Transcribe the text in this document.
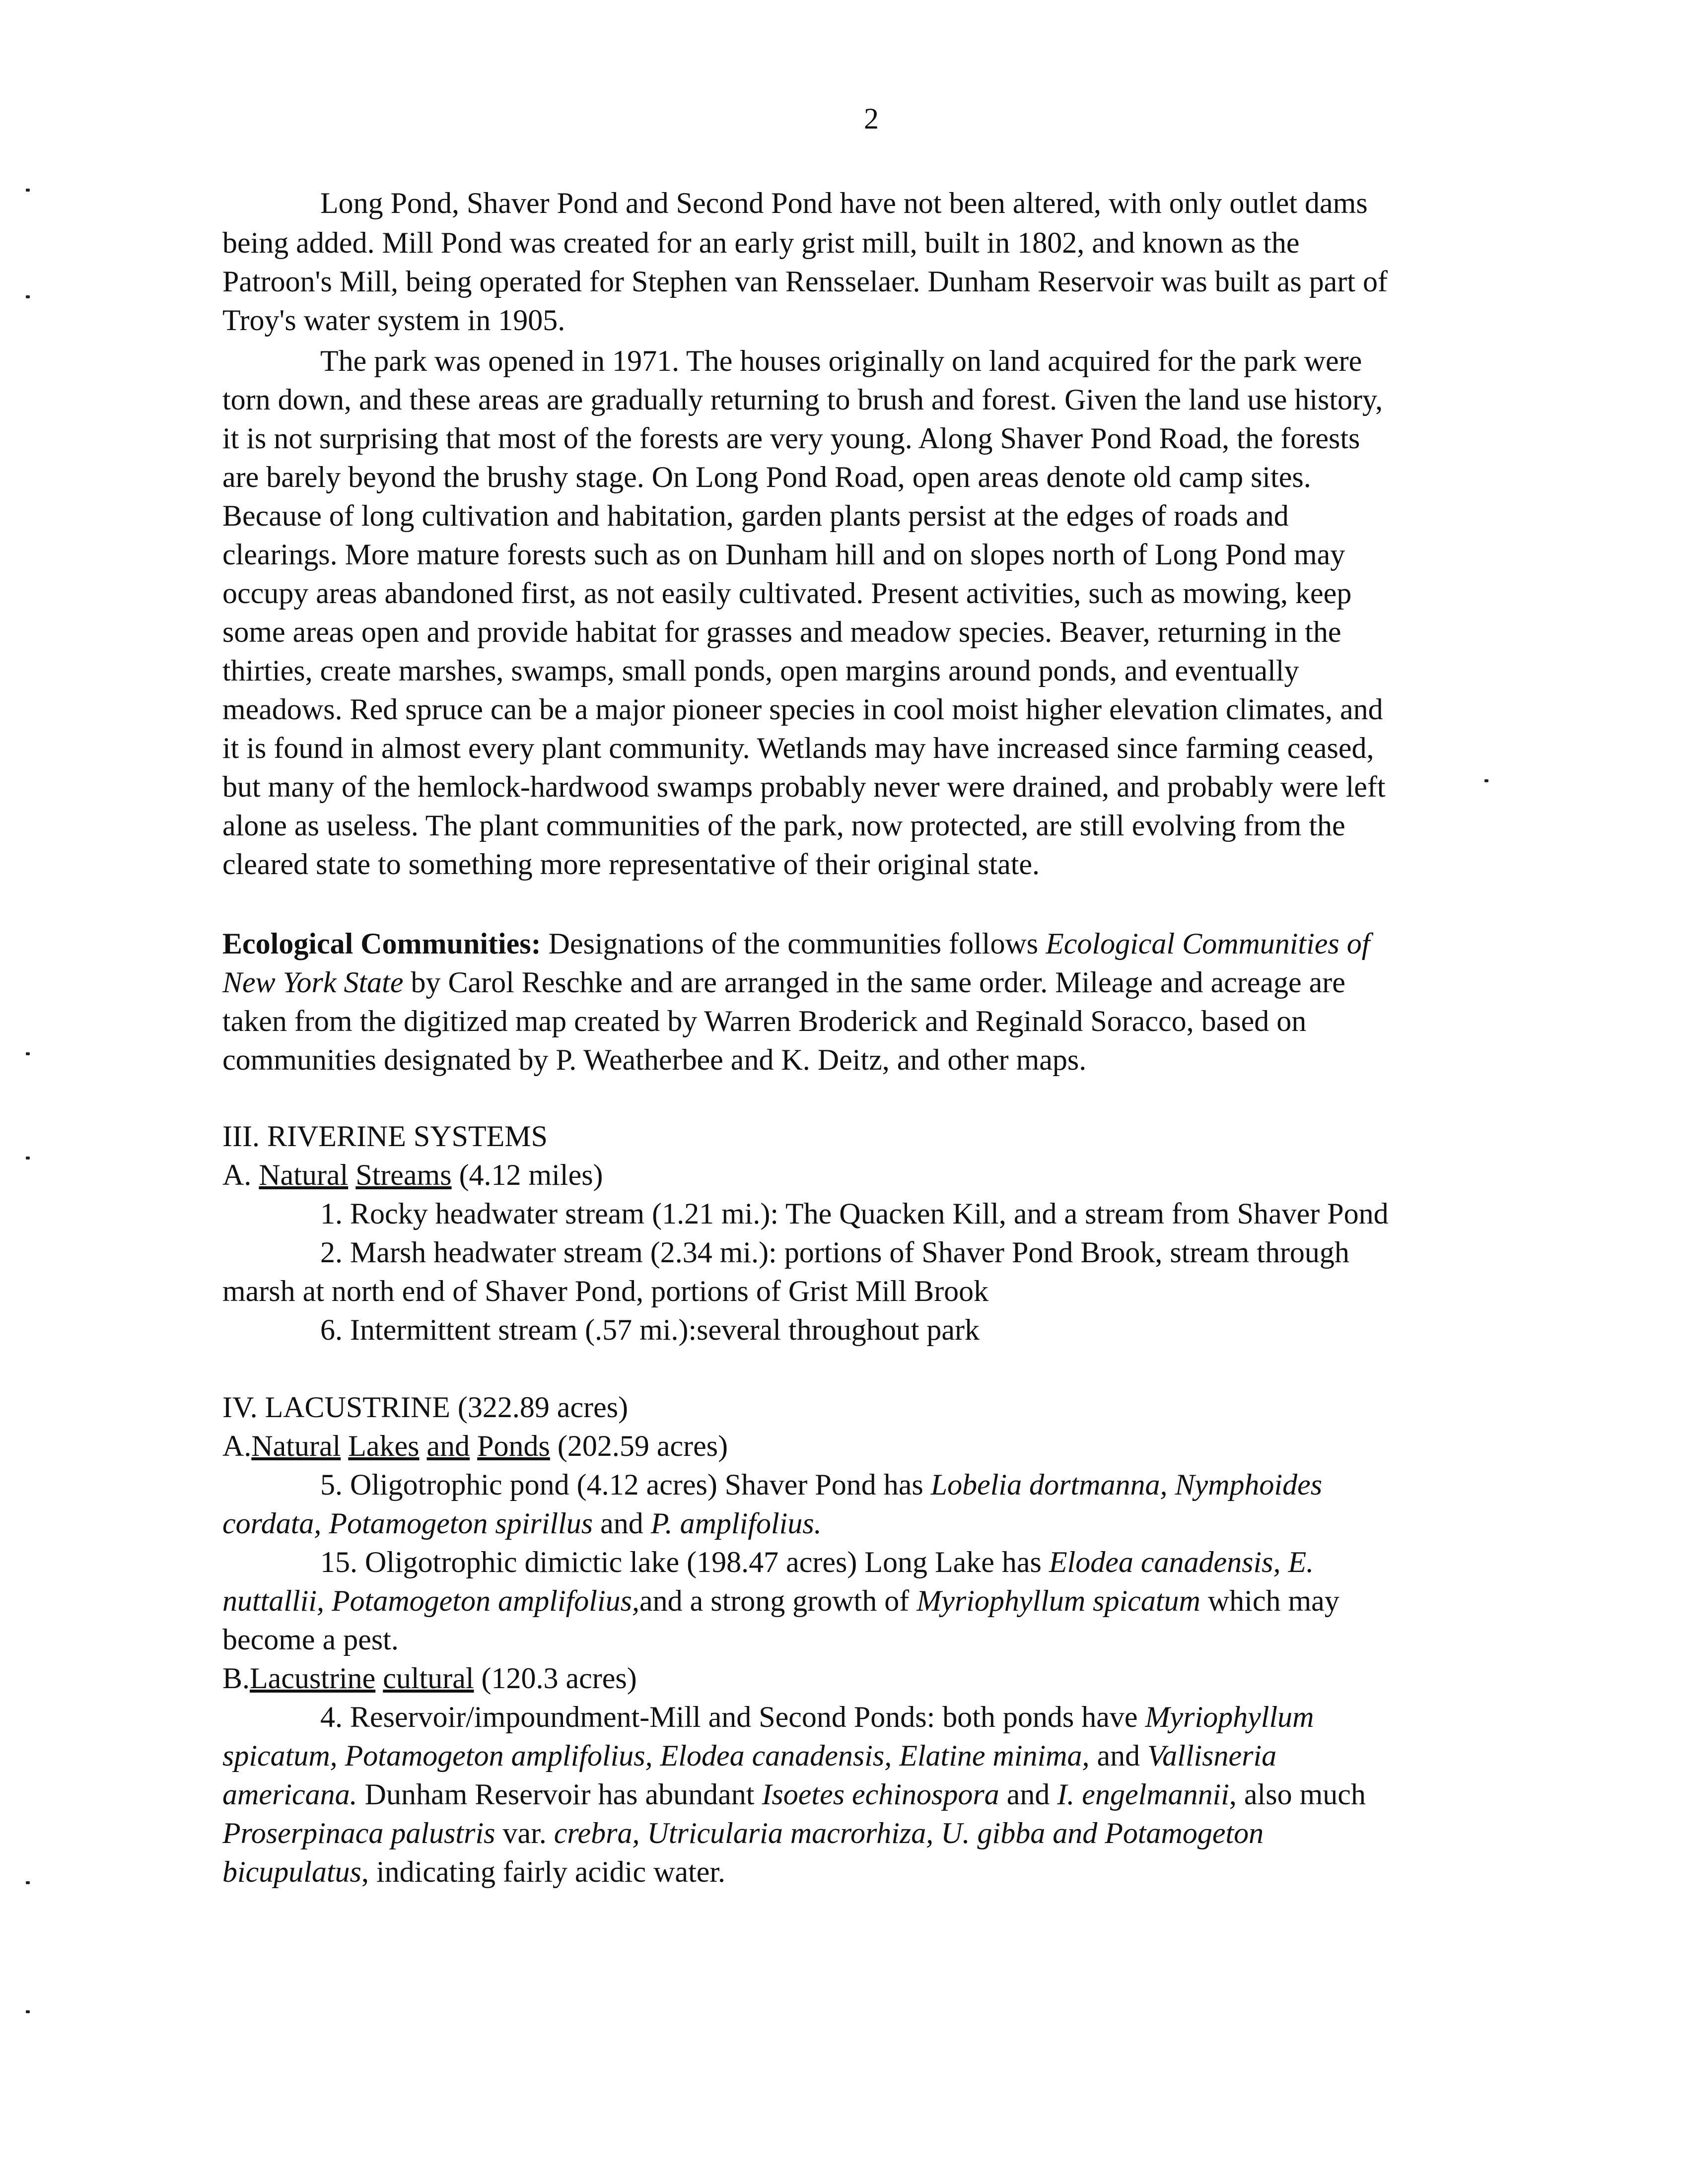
2
Long Pond, Shaver Pond and Second Pond have not been altered, with only outlet dams
being added. Mill Pond was created for an early grist mill, built in 1802, and known as the
Patroon's Mill, being operated for Stephen van Rensselaer. Dunham Reservoir was built as part of
Troy's water system in 1905.
The park was opened in 1971. The houses originally on land acquired for the park were
torn down, and these areas are gradually returning to brush and forest. Given the land use history,
it is not surprising that most of the forests are very young. Along Shaver Pond Road, the forests
are barely beyond the brushy stage. On Long Pond Road, open areas denote old camp sites.
Because of long cultivation and habitation, garden plants persist at the edges of roads and
clearings. More mature forests such as on Dunham hill and on slopes north of Long Pond may
occupy areas abandoned first, as not easily cultivated. Present activities, such as mowing, keep
some areas open and provide habitat for grasses and meadow species. Beaver, returning in the
thirties, create marshes, swamps, small ponds, open margins around ponds, and eventually
meadows. Red spruce can be a major pioneer species in cool moist higher elevation climates, and
it is found in almost every plant community. Wetlands may have increased since farming ceased,
but many of the hemlock-hardwood swamps probably never were drained, and probably were left
alone as useless. The plant communities of the park, now protected, are still evolving from the
cleared state to something more representative of their original state.
Ecological Communities: Designations of the communities follows Ecological Communities of
New York State by Carol Reschke and are arranged in the same order. Mileage and acreage are
taken from the digitized map created by Warren Broderick and Reginald Soracco, based on
communities designated by P. Weatherbee and K. Deitz, and other maps.
III. RIVERINE SYSTEMS
A. Natural Streams (4.12 miles)
1. Rocky headwater stream (1.21 mi.): The Quacken Kill, and a stream from Shaver Pond
2. Marsh headwater stream (2.34 mi.): portions of Shaver Pond Brook, stream through
marsh at north end of Shaver Pond, portions of Grist Mill Brook
6. Intermittent stream (.57 mi.):several throughout park
IV. LACUSTRINE (322.89 acres)
A.Natural Lakes and Ponds (202.59 acres)
5. Oligotrophic pond (4.12 acres) Shaver Pond has Lobelia dortmanna, Nymphoides
cordata, Potamogeton spirillus and P. amplifolius.
15. Oligotrophic dimictic lake (198.47 acres) Long Lake has Elodea canadensis, E.
nuttallii, Potamogeton amplifolius,and a strong growth of Myriophyllum spicatum which may
become a pest.
B.Lacustrine cultural (120.3 acres)
4. Reservoir/impoundment-Mill and Second Ponds: both ponds have Myriophyllum
spicatum, Potamogeton amplifolius, Elodea canadensis, Elatine minima, and Vallisneria
americana. Dunham Reservoir has abundant Isoetes echinospora and I. engelmannii, also much
Proserpinaca palustris var. crebra, Utricularia macrorhiza, U. gibba and Potamogeton
bicupulatus, indicating fairly acidic water.
